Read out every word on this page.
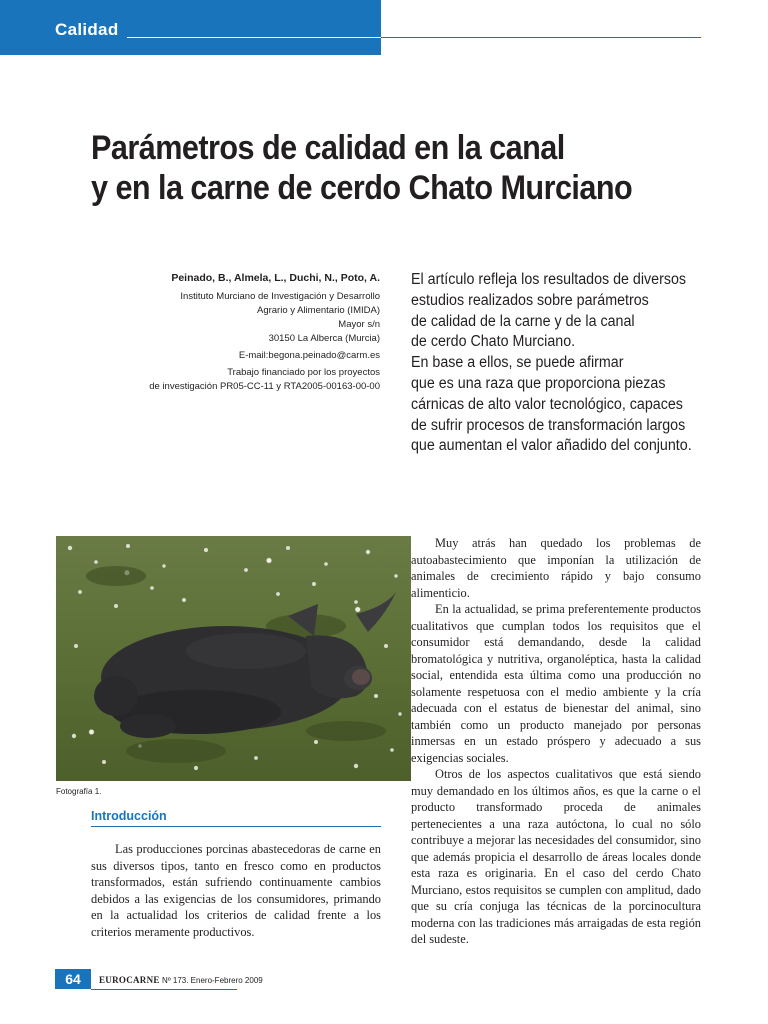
Calidad
Parámetros de calidad en la canal
y en la carne de cerdo Chato Murciano
Peinado, B., Almela, L., Duchi, N., Poto, A.
Instituto Murciano de Investigación y Desarrollo
Agrario y Alimentario (IMIDA)
Mayor s/n
30150 La Alberca (Murcia)
E-mail:begona.peinado@carm.es
Trabajo financiado por los proyectos
de investigación PR05-CC-11 y RTA2005-00163-00-00
El artículo refleja los resultados de diversos
estudios realizados sobre parámetros
de calidad de la carne y de la canal
de cerdo Chato Murciano.
En base a ellos, se puede afirmar
que es una raza que proporciona piezas
cárnicas de alto valor tecnológico, capaces
de sufrir procesos de transformación largos
que aumentan el valor añadido del conjunto.
Fotografía 1.
Introducción

Las producciones porcinas abastecedoras de carne en sus diversos tipos, tanto en fresco como en productos transformados, están sufriendo continuamente cambios debidos a las exigencias de los consumidores, primando en la actualidad los criterios de calidad frente a los criterios meramente productivos.

Muy atrás han quedado los problemas de autoabastecimiento que imponían la utilización de animales de crecimiento rápido y bajo consumo alimenticio.

En la actualidad, se prima preferentemente productos cualitativos que cumplan todos los requisitos que el consumidor está demandando, desde la calidad bromatológica y nutritiva, organoléptica, hasta la calidad social, entendida esta última como una producción no solamente respetuosa con el medio ambiente y la cría adecuada con el estatus de bienestar del animal, sino también como un producto manejado por personas inmersas en un estado próspero y adecuado a sus exigencias sociales.

Otros de los aspectos cualitativos que está siendo muy demandado en los últimos años, es que la carne o el producto transformado proceda de animales pertenecientes a una raza autóctona, lo cual no sólo contribuye a mejorar las necesidades del consumidor, sino que además propicia el desarrollo de áreas locales donde esta raza es originaria. En el caso del cerdo Chato Murciano, estos requisitos se cumplen con amplitud, dado que su cría conjuga las técnicas de la porcinocultura moderna con las tradiciones más arraigadas de esta región del sudeste.

64	EUROCARNE Nº 173. Enero-Febrero 2009
